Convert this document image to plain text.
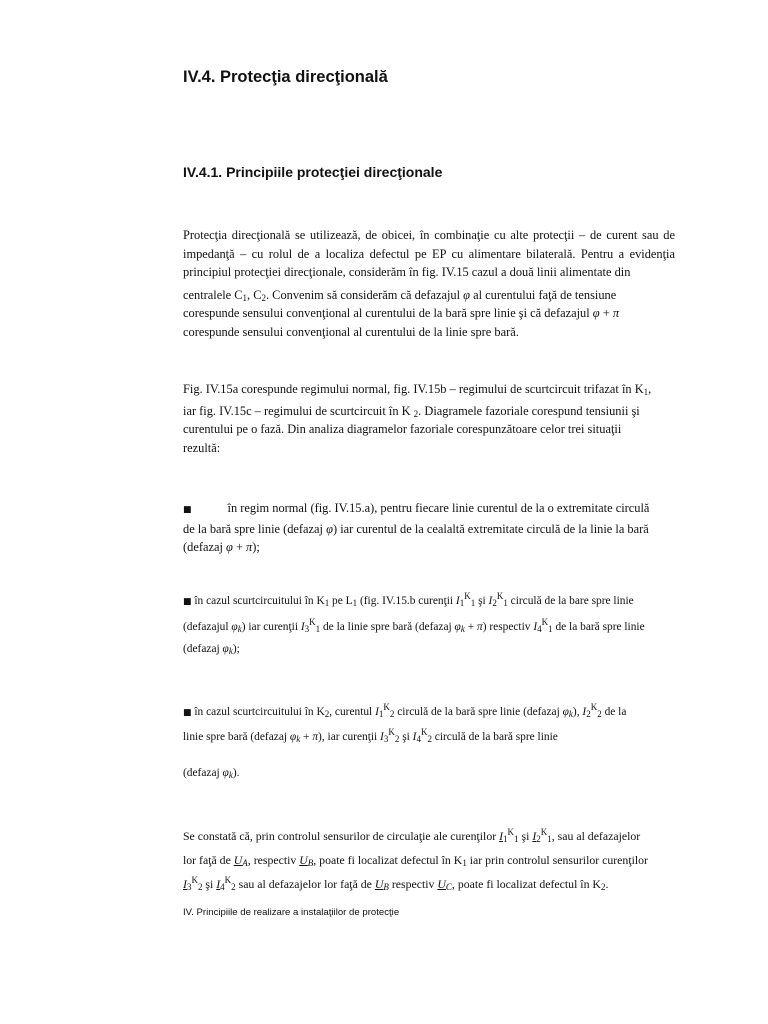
IV.4. Protecţia direcţională
IV.4.1. Principiile protecţiei direcţionale
Protecţia direcţională se utilizează, de obicei, în combinaţie cu alte protecţii – de curent sau de
impedanţă – cu rolul de a localiza defectul pe EP cu alimentare bilaterală. Pentru a evidenţia
principiul protecţiei direcţionale, considerăm în fig. IV.15 cazul a două linii alimentate din
centralele $C_1$, $C_2$. Convenim să considerăm că defazajul φ al curentului faţă de tensiune
corespunde sensului convenţional al curentului de la bară spre linie şi că defazajul φ + π
corespunde sensului convenţional al curentului de la linie spre bară.
Fig. IV.15a corespunde regimului normal, fig. IV.15b – regimului de scurtcircuit trifazat în $K_1$,
iar fig. IV.15c – regimului de scurtcircuit în K $_2$. Diagramele fazoriale corespund tensiunii şi
curentului pe o fază. Din analiza diagramelor fazoriale corespunzătoare celor trei situaţii
rezultă:
■	în regim normal (fig. IV.15.a), pentru fiecare linie curentul de la o extremitate circulă
de la bară spre linie (defazaj φ) iar curentul de la cealaltă extremitate circulă de la linie la bară
(defazaj φ + π);
■ în cazul scurtcircuitului în $K_1$ pe $L_1$ (fig. IV.15.b curenţii $I_1^K_1$ şi $I_2^K_1$ circulă de la bare spre linie
(defazajul $\varphi_k$) iar curenţii $I_3^K_1$ de la linie spre bară (defazaj $\varphi_k + \pi$) respectiv $I_4^K_1$ de la bară spre linie
(defazaj $\varphi_k$);
■ în cazul scurtcircuitului în $K_2$, curentul $I_1^K_2$ circulă de la bară spre linie (defazaj $\varphi_k$), $I_2^K_2$ de la
linie spre bară (defazaj $\varphi_k + \pi$), iar curenţii $I_3^K_2$ şi $I_4^K_2$ circulă de la bară spre linie
(defazaj $\varphi_k$).
Se constată că, prin controlul sensurilor de circulaţie ale curenţilor $I_1^K_1$ şi $I_2^K_1$, sau al defazajelor
lor faţă de $U_A$, respectiv $U_B$, poate fi localizat defectul în $K_1$ iar prin controlul sensurilor curenţilor
$I_3^K_2$ şi $I_4^K_2$ sau al defazajelor lor faţă de $U_B$ respectiv $U_C$, poate fi localizat defectul în $K_2$.
IV. Principiile de realizare a instalaţiilor de protecţie
